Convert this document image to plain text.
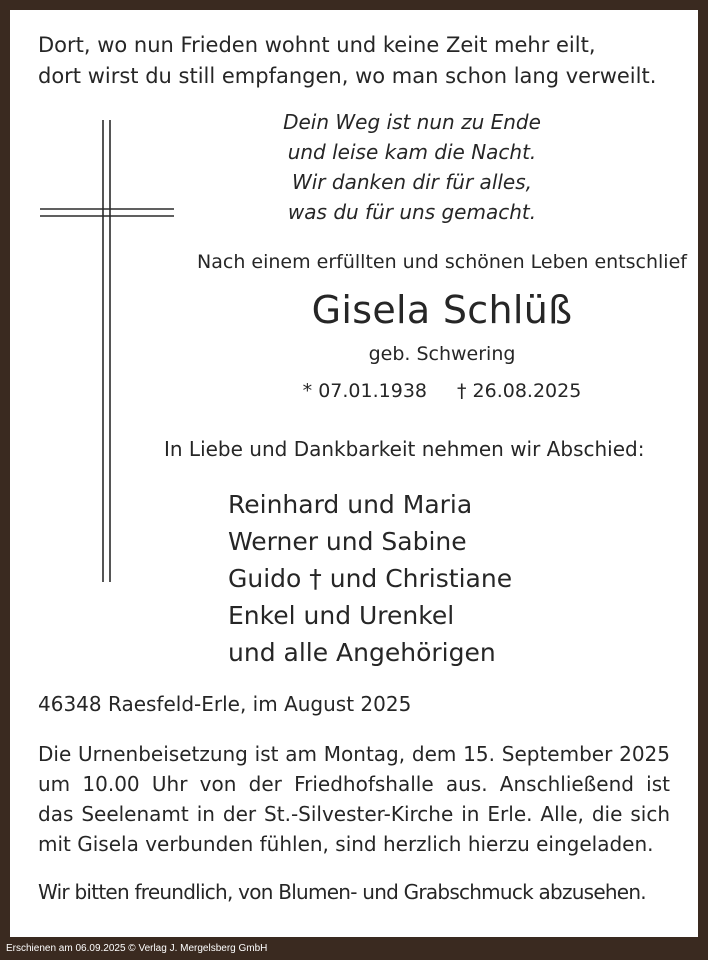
Dort, wo nun Frieden wohnt und keine Zeit mehr eilt,
dort wirst du still empfangen, wo man schon lang verweilt.
Dein Weg ist nun zu Ende
und leise kam die Nacht.
Wir danken dir für alles,
was du für uns gemacht.
Nach einem erfüllten und schönen Leben entschlief
Gisela Schlüß
geb. Schwering
* 07.01.1938 † 26.08.2025
In Liebe und Dankbarkeit nehmen wir Abschied:
Reinhard und Maria
Werner und Sabine
Guido † und Christiane
Enkel und Urenkel
und alle Angehörigen
46348 Raesfeld-Erle, im August 2025
Die Urnenbeisetzung ist am Montag, dem 15. September 2025
um 10.00 Uhr von der Friedhofshalle aus. Anschließend ist
das Seelenamt in der St.-Silvester-Kirche in Erle. Alle, die sich
mit Gisela verbunden fühlen, sind herzlich hierzu eingeladen.
Wir bitten freundlich, von Blumen- und Grabschmuck abzusehen.
Erschienen am 06.09.2025 © Verlag J. Mergelsberg GmbH
